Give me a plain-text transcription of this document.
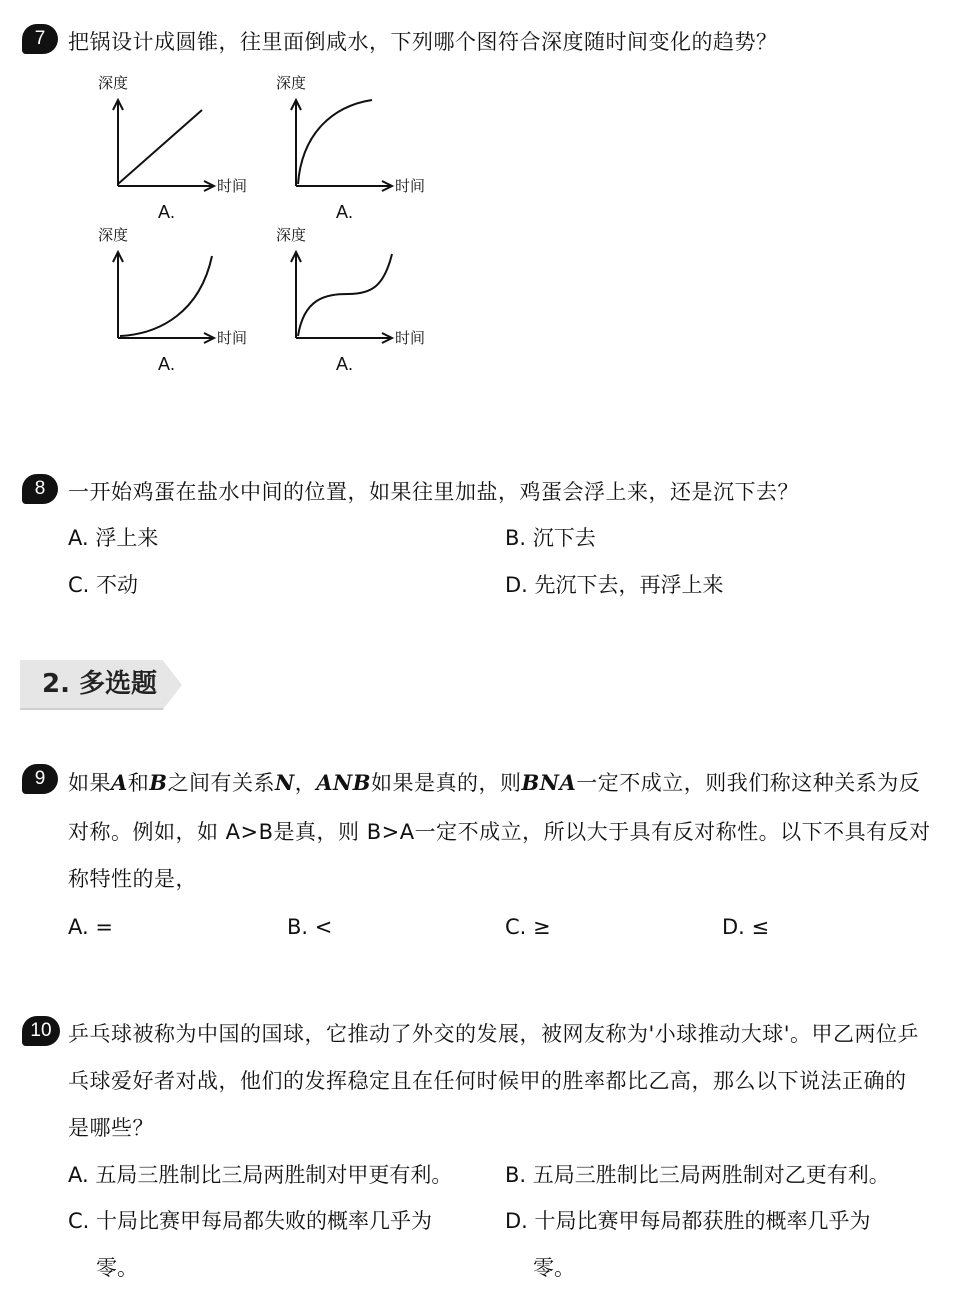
7 把锅设计成圆锥，往里面倒咸水，下列哪个图符合深度随时间变化的趋势？
深度
时间
A.
深度
时间
A.
深度
时间
A.
深度
时间
A.
8 一开始鸡蛋在盐水中间的位置，如果往里加盐，鸡蛋会浮上来，还是沉下去？
A. 浮上来	B. 沉下去
C. 不动	D. 先沉下去，再浮上来
2. 多选题
9 如果A和B之间有关系N，ANB如果是真的，则BNA一定不成立，则我们称这种关系为反
对称。例如，如 A>B是真，则 B>A一定不成立，所以大于具有反对称性。以下不具有反对
称特性的是，
A. =	B. <	C. ≥	D. ≤
10 乒乓球被称为中国的国球，它推动了外交的发展，被网友称为'小球推动大球'。甲乙两位乒
乓球爱好者对战，他们的发挥稳定且在任何时候甲的胜率都比乙高，那么以下说法正确的
是哪些？
A. 五局三胜制比三局两胜制对甲更有利。	B. 五局三胜制比三局两胜制对乙更有利。
C. 十局比赛甲每局都失败的概率几乎为
零。
D. 十局比赛甲每局都获胜的概率几乎为
零。
